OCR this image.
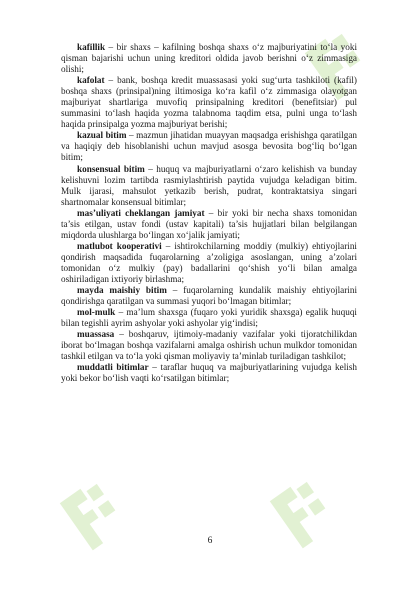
kafillik – bir shaxs – kafilning boshqa shaxs o‘z majburiyatini to‘la yoki qisman bajarishi uchun uning kreditori oldida javob berishni o‘z zimmasiga olishi;

kafolat – bank, boshqa kredit muassasasi yoki sug‘urta tashkiloti (kafil) boshqa shaxs (prinsipal)ning iltimosiga ko‘ra kafil o‘z zimmasiga olayotgan majburiyat shartlariga muvofiq prinsipalning kreditori (benefitsiar) pul summasini to‘lash haqida yozma talabnoma taqdim etsa, pulni unga to‘lash haqida prinsipalga yozma majburiyat berishi;

kazual bitim – mazmun jihatidan muayyan maqsadga erishishga qaratilgan va haqiqiy deb hisoblanishi uchun mavjud asosga bevosita bog‘liq bo‘lgan bitim;

konsensual bitim – huquq va majburiyatlarni o‘zaro kelishish va bunday kelishuvni lozim tartibda rasmiylashtirish paytida vujudga keladigan bitim. Mulk ijarasi, mahsulot yetkazib berish, pudrat, kontraktatsiya singari shartnomalar konsensual bitimlar;

mas’uliyati cheklangan jamiyat – bir yoki bir necha shaxs tomonidan ta’sis etilgan, ustav fondi (ustav kapitali) ta’sis hujjatlari bilan belgilangan miqdorda ulushlarga bo‘lingan xo‘jalik jamiyati;

matlubot kooperativi – ishtirokchilarning moddiy (mulkiy) ehtiyojlarini qondirish maqsadida fuqarolarning a’zoligiga asoslangan, uning a’zolari tomonidan o‘z mulkiy (pay) badallarini qo‘shish yo‘li bilan amalga oshiriladigan ixtiyoriy birlashma;

mayda maishiy bitim – fuqarolarning kundalik maishiy ehtiyojlarini qondirishga qaratilgan va summasi yuqori bo‘lmagan bitimlar;

mol-mulk – ma’lum shaxsga (fuqaro yoki yuridik shaxsga) egalik huquqi bilan tegishli ayrim ashyolar yoki ashyolar yig‘indisi;

muassasa – boshqaruv, ijtimoiy-madaniy vazifalar yoki tijoratchilikdan iborat bo‘lmagan boshqa vazifalarni amalga oshirish uchun mulkdor tomonidan tashkil etilgan va to‘la yoki qisman moliyaviy ta’minlab turiladigan tashkilot;

muddatli bitimlar – taraflar huquq va majburiyatlarining vujudga kelish yoki bekor bo‘lish vaqti ko‘rsatilgan bitimlar;

6
